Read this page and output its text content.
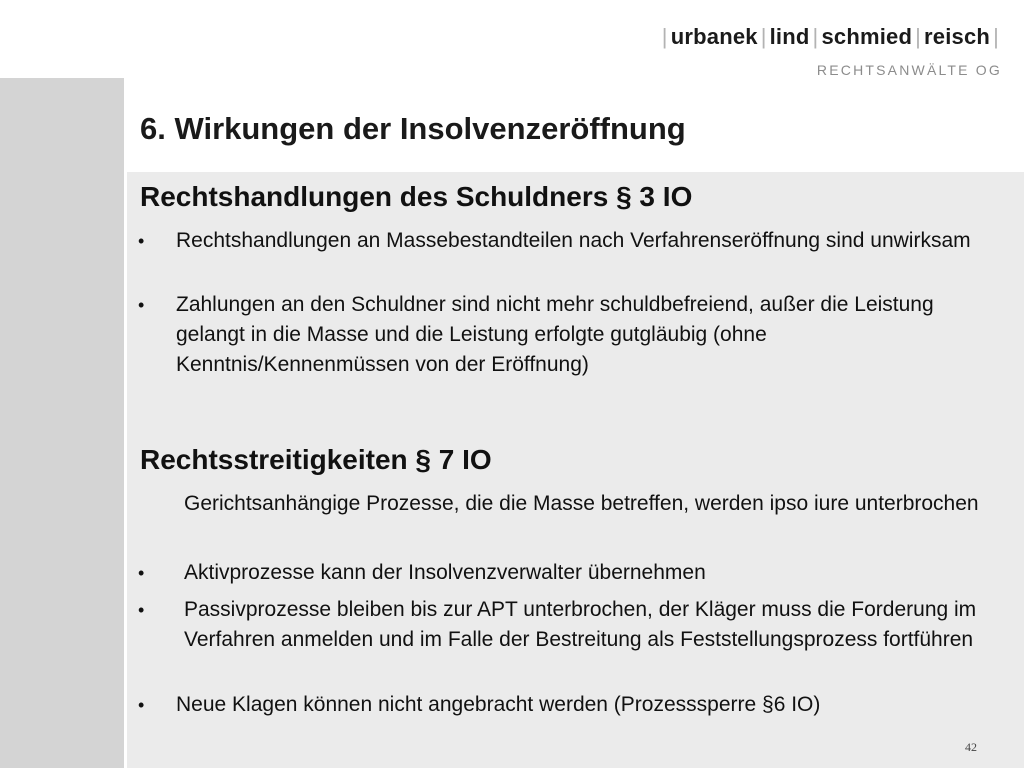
| urbanek | lind | schmied | reisch |
RECHTSANWÄLTE OG
6. Wirkungen der Insolvenzeröffnung
Rechtshandlungen des Schuldners § 3 IO
• Rechtshandlungen an Massebestandteilen nach Verfahrenseröffnung sind unwirksam
• Zahlungen an den Schuldner sind nicht mehr schuldbefreiend, außer die Leistung gelangt in die Masse und die Leistung erfolgte gutgläubig (ohne Kenntnis/Kennenmüssen von der Eröffnung)
Rechtsstreitigkeiten § 7 IO
Gerichtsanhängige Prozesse, die die Masse betreffen, werden ipso iure unterbrochen
• Aktivprozesse kann der Insolvenzverwalter übernehmen
• Passivprozesse bleiben bis zur APT unterbrochen, der Kläger muss die Forderung im Verfahren anmelden und im Falle der Bestreitung als Feststellungsprozess fortführen
• Neue Klagen können nicht angebracht werden (Prozesssperre §6 IO)
42
